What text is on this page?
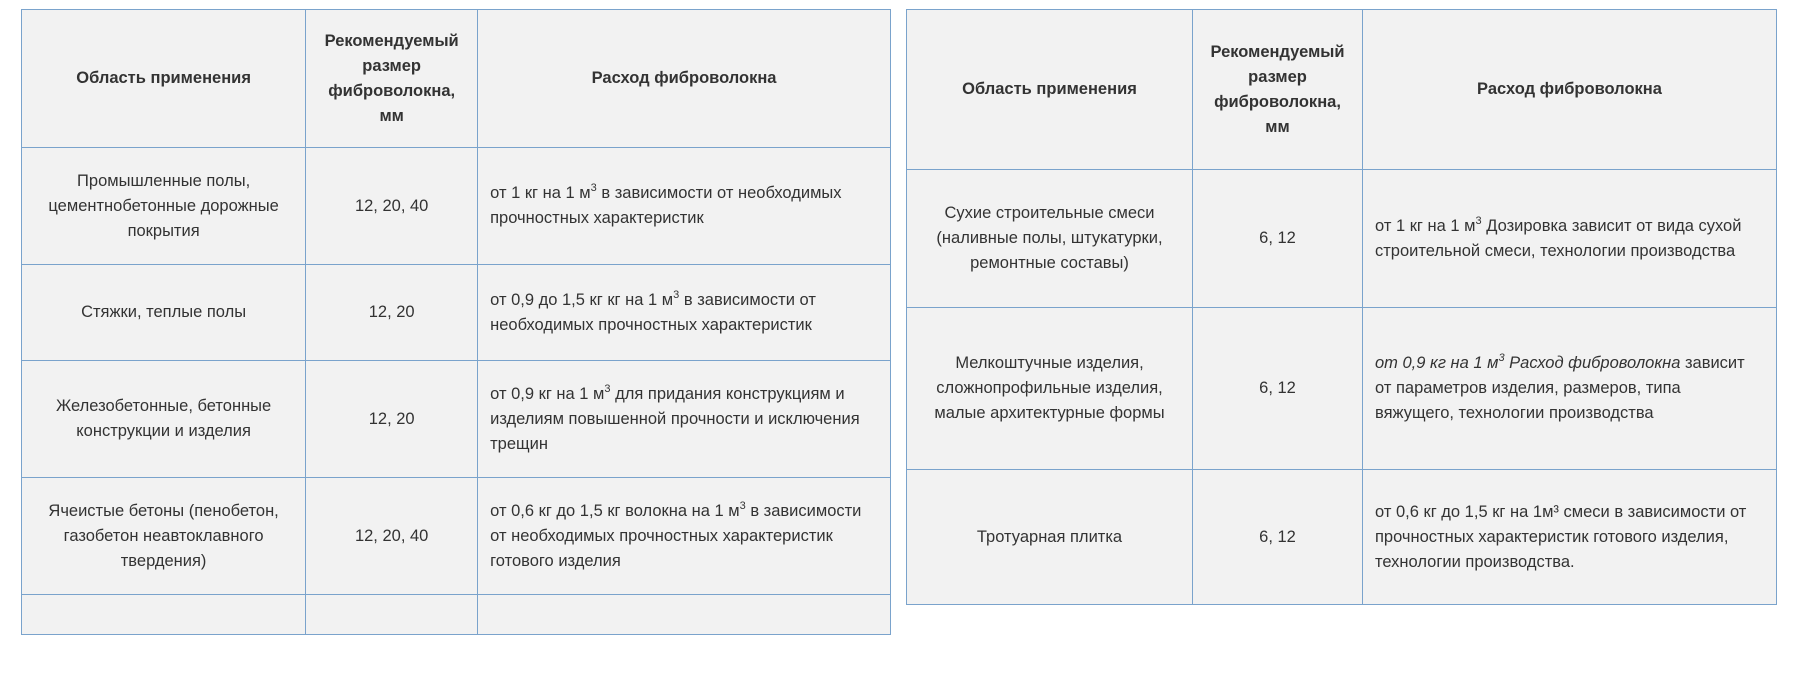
Область применения	Рекомендуемый размер фиброволокна, мм	Расход фиброволокна
Промышленные полы, цементнобетонные дорожные покрытия	12, 20, 40	от 1 кг на 1 $м^3$ в зависимости от необходимых прочностных характеристик
Стяжки, теплые полы	12, 20	от 0,9 до 1,5 кг кг на 1 $м^3$ в зависимости от необходимых прочностных характеристик
Железобетонные, бетонные конструкции и изделия	12, 20	от 0,9 кг на 1 $м^3$ для придания конструкциям и изделиям повышенной прочности и исключения трещин
Ячеистые бетоны (пенобетон, газобетон неавтоклавного твердения)	12, 20, 40	от 0,6 кг до 1,5 кг волокна на 1 $м^3$ в зависимости от необходимых прочностных характеристик готового изделия

Область применения	Рекомендуемый размер фиброволокна, мм	Расход фиброволокна
Сухие строительные смеси (наливные полы, штукатурки, ремонтные составы)	6, 12	от 1 кг на 1 $м^3$ Дозировка зависит от вида сухой строительной смеси, технологии производства
Мелкоштучные изделия, сложнопрофильные изделия, малые архитектурные формы	6, 12	от 0,9 кг на 1 $м^3$ Расход фиброволокна зависит от параметров изделия, размеров, типа вяжущего, технологии производства
Тротуарная плитка	6, 12	от 0,6 кг до 1,5 кг на 1м³ смеси в зависимости от прочностных характеристик готового изделия, технологии производства.
